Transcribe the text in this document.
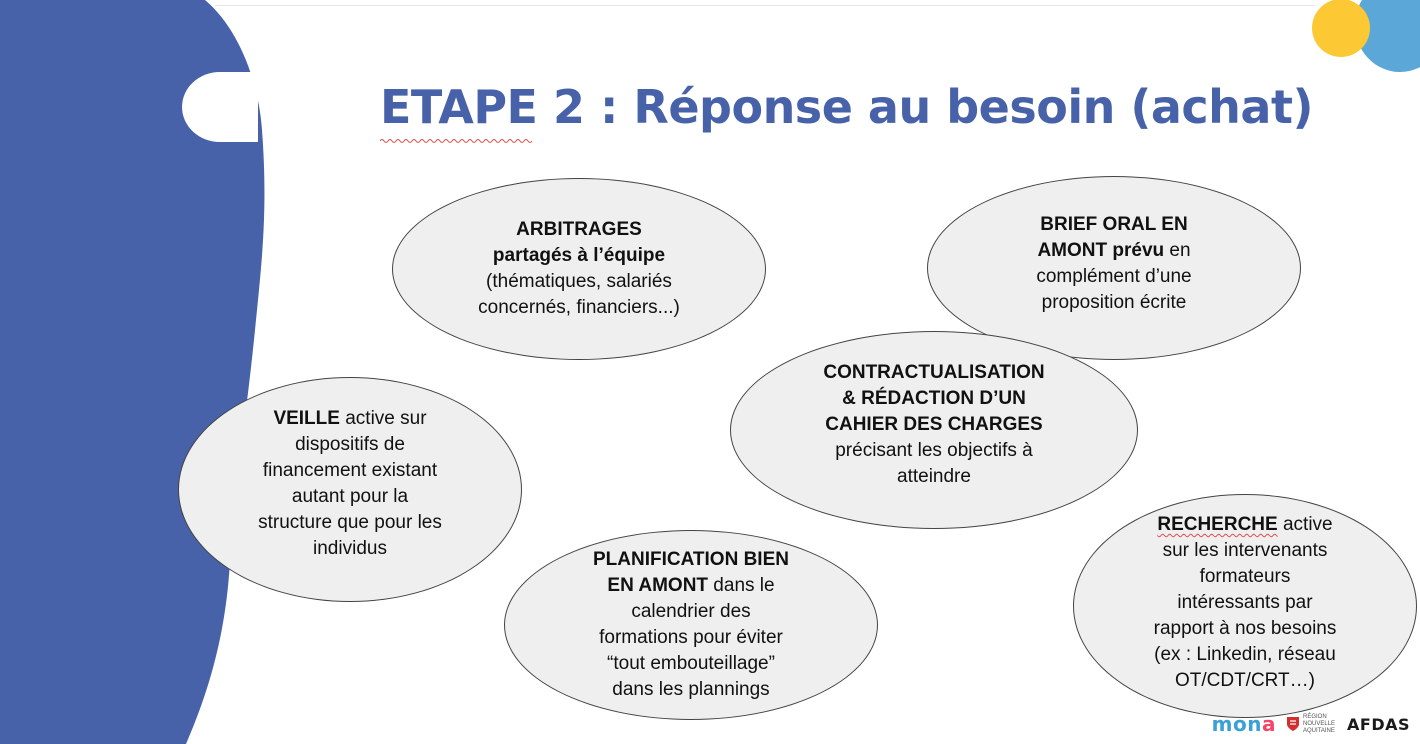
ETAPE 2 : Réponse au besoin (achat)
ARBITRAGES
partagés à l’équipe
(thématiques, salariés
concernés, financiers...)
BRIEF ORAL EN
AMONT prévu en
complément d’une
proposition écrite
CONTRACTUALISATION
& RÉDACTION D’UN
CAHIER DES CHARGES
précisant les objectifs à
atteindre
VEILLE active sur
dispositifs de
financement existant
autant pour la
structure que pour les
individus
PLANIFICATION BIEN
EN AMONT dans le
calendrier des
formations pour éviter
“tout embouteillage”
dans les plannings
RECHERCHE active
sur les intervenants
formateurs
intéressants par
rapport à nos besoins
(ex : Linkedin, réseau
OT/CDT/CRT…)
mona	RÉGION NOUVELLE AQUITAINE AFDAS
